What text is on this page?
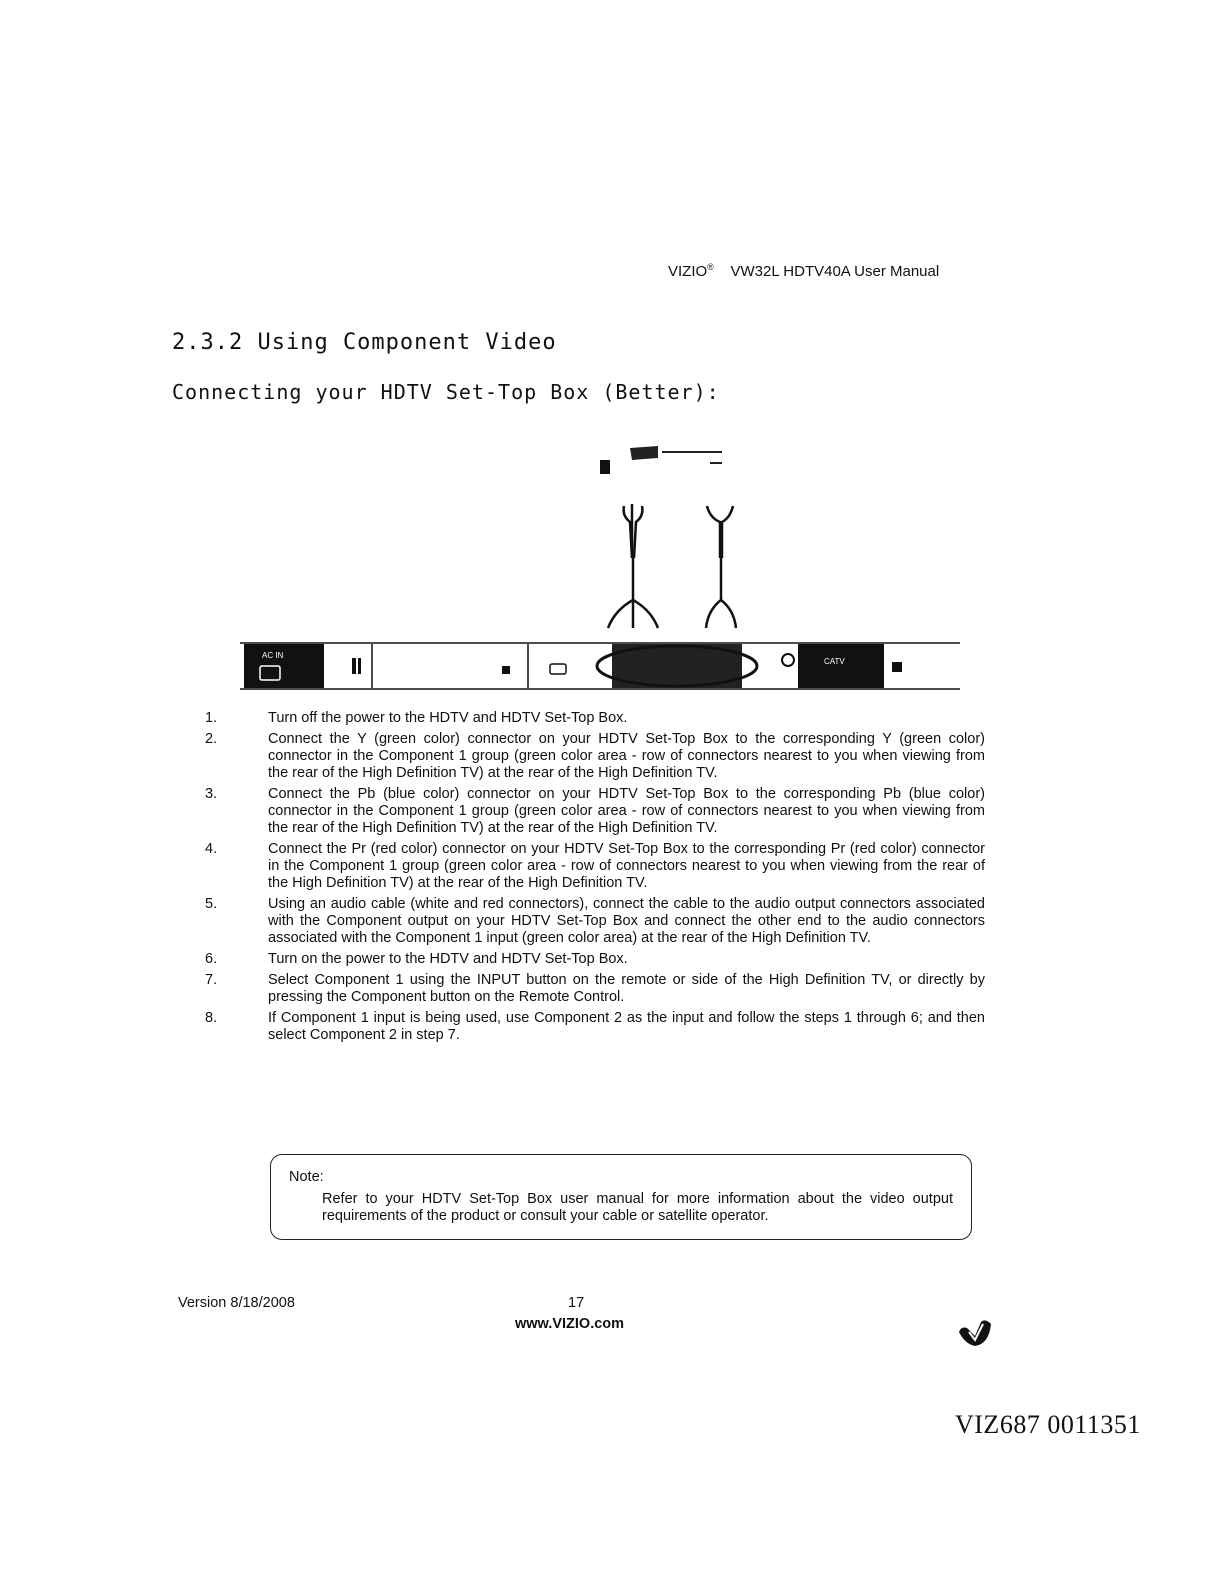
VIZIO® VW32L HDTV40A User Manual
2.3.2 Using Component Video
Connecting your HDTV Set-Top Box (Better):
AC IN
CATV
1.	Turn off the power to the HDTV and HDTV Set-Top Box.
2.	Connect the Y (green color) connector on your HDTV Set-Top Box to the corresponding Y (green color) connector in the Component 1 group (green color area - row of connectors nearest to you when viewing from the rear of the High Definition TV) at the rear of the High Definition TV.
3.	Connect the Pb (blue color) connector on your HDTV Set-Top Box to the corresponding Pb (blue color) connector in the Component 1 group (green color area - row of connectors nearest to you when viewing from the rear of the High Definition TV) at the rear of the High Definition TV.
4.	Connect the Pr (red color) connector on your HDTV Set-Top Box to the corresponding Pr (red color) connector in the Component 1 group (green color area - row of connectors nearest to you when viewing from the rear of the High Definition TV) at the rear of the High Definition TV.
5.	Using an audio cable (white and red connectors), connect the cable to the audio output connectors associated with the Component output on your HDTV Set-Top Box and connect the other end to the audio connectors associated with the Component 1 input (green color area) at the rear of the High Definition TV.
6.	Turn on the power to the HDTV and HDTV Set-Top Box.
7.	Select Component 1 using the INPUT button on the remote or side of the High Definition TV, or directly by pressing the Component button on the Remote Control.
8.	If Component 1 input is being used, use Component 2 as the input and follow the steps 1 through 6; and then select Component 2 in step 7.
Note:
Refer to your HDTV Set-Top Box user manual for more information about the video output requirements of the product or consult your cable or satellite operator.
Version 8/18/2008	17
www.VIZIO.com
VIZ687 0011351
